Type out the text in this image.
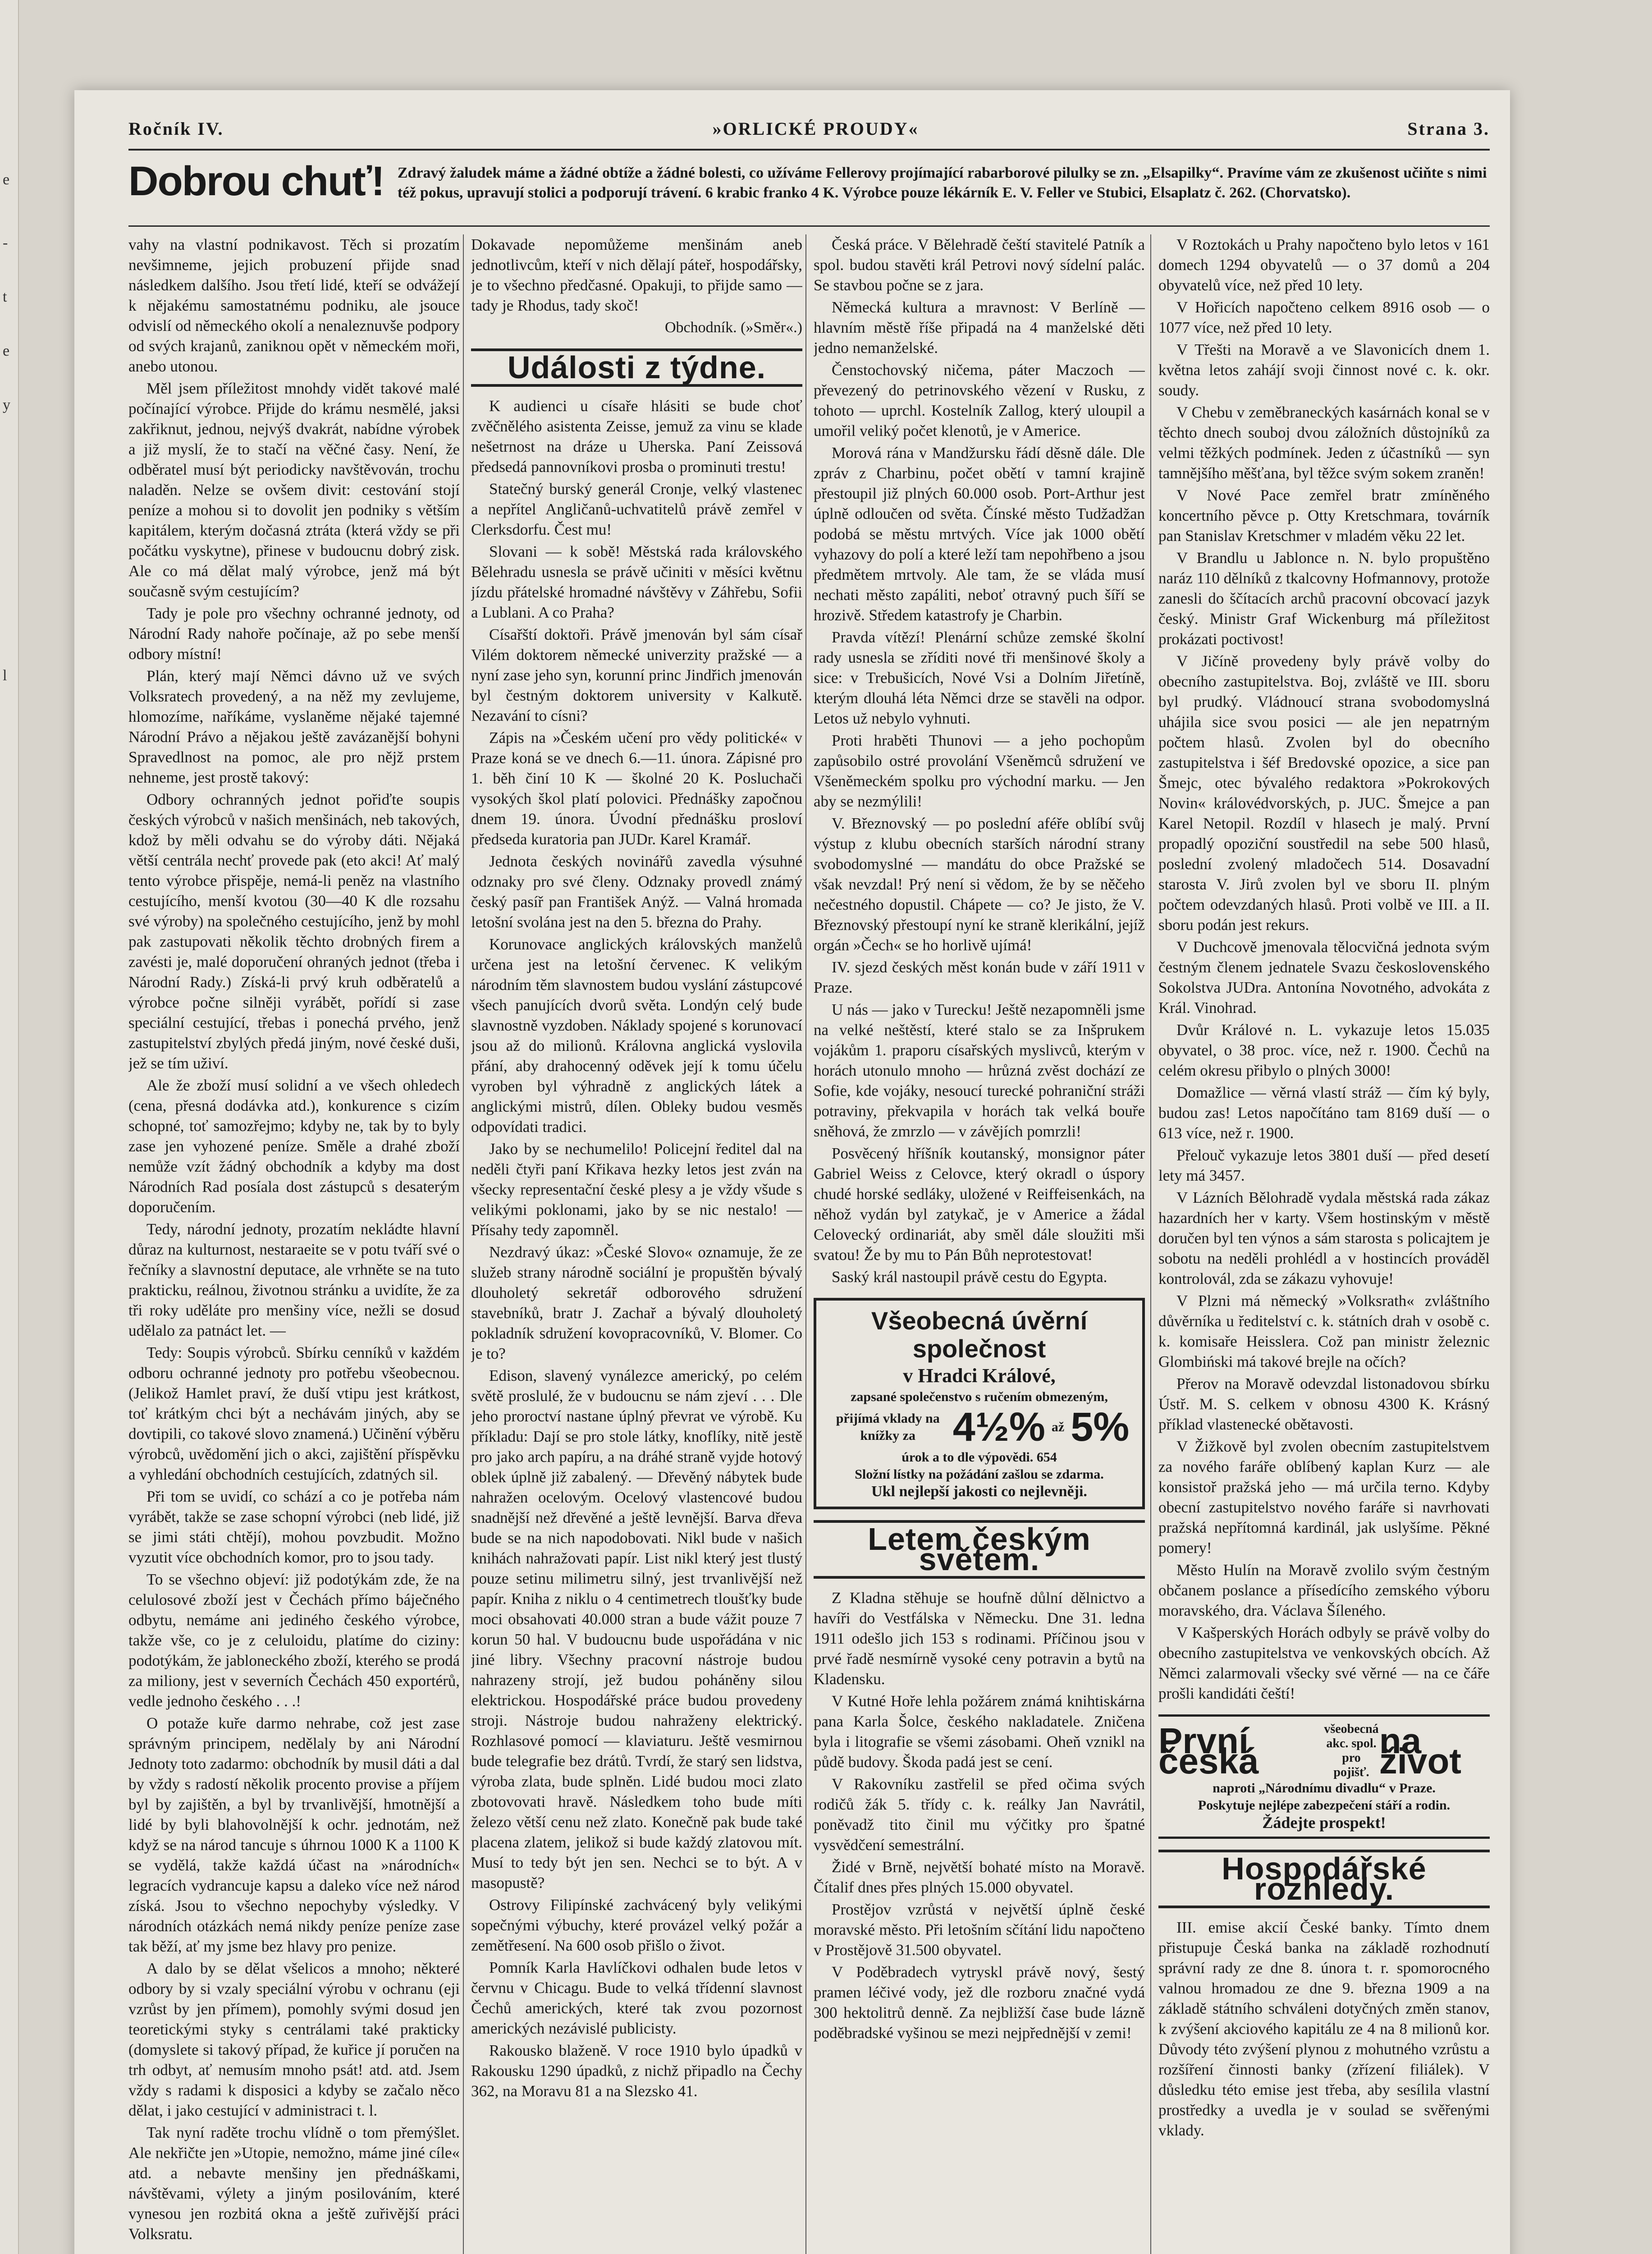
e
-
t
e
y
l
Ročník IV.	»ORLICKÉ PROUDY«	Strana 3.
Dobrou chuť! Zdravý žaludek máme a žádné obtíže a žádné bolesti, co užíváme Fellerovy projímající rabarborové pilulky se zn. „Elsapilky“. Pravíme vám ze zkušenost učiňte s nimi též pokus, upravují stolici a podporují trávení. 6 krabic franko 4 K. Výrobce pouze lékárník E. V. Feller ve Stubici, Elsaplatz č. 262. (Chorvatsko).

vahy na vlastní podnikavost. Těch si prozatím nevšimneme, jejich probuzení přijde snad následkem dalšího. Jsou třetí lidé, kteří se odvážejí k nějakému samostatnému podniku, ale jsouce odvislí od německého okolí a nenaleznuvše podpory od svých krajanů, zaniknou opět v německém moři, anebo utonou.

Měl jsem příležitost mnohdy vidět takové malé počínající výrobce. Přijde do krámu nesmělé, jaksi zakřiknut, jednou, nejvýš dvakrát, nabídne výrobek a již myslí, že to stačí na věčné časy. Není, že odběratel musí být periodicky navštěvován, trochu naladěn. Nelze se ovšem divit: cestování stojí peníze a mohou si to dovolit jen podniky s větším kapitálem, kterým dočasná ztráta (která vždy se při počátku vyskytne), přinese v budoucnu dobrý zisk. Ale co má dělat malý výrobce, jenž má být současně svým cestujícím?

Tady je pole pro všechny ochranné jednoty, od Národní Rady nahoře počínaje, až po sebe menší odbory místní!

Plán, který mají Němci dávno už ve svých Volksratech provedený, a na něž my zevlujeme, hlomozíme, naříkáme, vyslaněme nějaké tajemné Národní Právo a nějakou ještě zavázanější bohyni Spravedlnost na pomoc, ale pro nějž prstem nehneme, jest prostě takový:

Odbory ochranných jednot pořiďte soupis českých výrobců v našich menšinách, neb takových, kdož by měli odvahu se do výroby dáti. Nějaká větší centrála nechť provede pak (eto akci! Ať malý tento výrobce přispěje, nemá-li peněz na vlastního cestujícího, menší kvotou (30—40 K dle rozsahu své výroby) na společného cestujícího, jenž by mohl pak zastupovati několik těchto drobných firem a zavésti je, malé doporučení ohraných jednot (třeba i Národní Rady.) Získá-li prvý kruh odběratelů a výrobce počne silněji vyrábět, pořídí si zase speciální cestující, třebas i ponechá prvého, jenž zastupitelství zbylých předá jiným, nové české duši, jež se tím uživí.

Ale že zboží musí solidní a ve všech ohledech (cena, přesná dodávka atd.), konkurence s cizím schopné, toť samozřejmo; kdyby ne, tak by to byly zase jen vyhozené peníze. Směle a drahé zboží nemůže vzít žádný obchodník a kdyby ma dost Národních Rad posíala dost zástupců s desaterým doporučením.

Tedy, národní jednoty, prozatím nekládte hlavní důraz na kulturnost, nestaraeite se v potu tváří své o řečníky a slavnostní deputace, ale vrhněte se na tuto prakticku, reálnou, životnou stránku a uvidíte, že za tři roky uděláte pro menšiny více, nežli se dosud udělalo za patnáct let. —

Tedy: Soupis výrobců. Sbírku cenníků v každém odboru ochranné jednoty pro potřebu všeobecnou. (Jelikož Hamlet praví, že duší vtipu jest krátkost, toť krátkým chci být a nechávám jiných, aby se dovtipili, co takové slovo znamená.) Učinění výběru výrobců, uvědomění jich o akci, zajištění příspěvku a vyhledání obchodních cestujících, zdatných sil.

Při tom se uvidí, co schází a co je potřeba nám vyrábět, takže se zase schopní výrobci (neb lidé, již se jimi státi chtějí), mohou povzbudit. Možno vyzutit více obchodních komor, pro to jsou tady.

To se všechno objeví: již podotýkám zde, že na celulosové zboží jest v Čechách přímo báječného odbytu, nemáme ani jediného českého výrobce, takže vše, co je z celuloidu, platíme do ciziny: podotýkám, že jabloneckého zboží, kterého se prodá za miliony, jest v severních Čechách 450 exportérů, vedle jednoho českého . . .!

O potaže kuře darmo nehrabe, což jest zase správným principem, nedělaly by ani Národní Jednoty toto zadarmo: obchodník by musil dáti a dal by vždy s radostí několik procento provise a příjem byl by zajištěn, a byl by trvanlivější, hmotnější a lidé by byli blahovolnější k ochr. jednotám, než když se na národ tancuje s úhrnou 1000 K a 1100 K se vydělá, takže každá účast na »národních« legracích vydrancuje kapsu a daleko více než národ získá. Jsou to všechno nepochyby výsledky. V národních otázkách nemá nikdy peníze peníze zase tak běží, ať my jsme bez hlavy pro penize.

A dalo by se dělat všelicos a mnoho; některé odbory by si vzaly speciální výrobu v ochranu (eji vzrůst by jen přímem), pomohly svými dosud jen teoretickými styky s centrálami také prakticky (domyslete si takový případ, že kuřice jí poručen na trh odbyt, ať nemusím mnoho psát! atd. atd. Jsem vždy s radami k disposici a kdyby se začalo něco dělat, i jako cestující v administraci t. l.

Tak nyní raděte trochu vlídně o tom přemýšlet. Ale nekřičte jen »Utopie, nemožno, máme jiné cíle« atd. a nebavte menšiny jen přednáškami, návštěvami, výlety a jiným posilováním, které vynesou jen rozbitá okna a ještě zuřivější práci Volksratu.

Dokavade nepomůžeme menšinám aneb jednotlivcům, kteří v nich dělají páteř, hospodářsky, je to všechno předčasné. Opakuji, to přijde samo — tady je Rhodus, tady skoč!

Obchodník. (»Směr«.)
Události z týdne.

K audienci u císaře hlásiti se bude choť zvěčnělého asistenta Zeisse, jemuž za vinu se klade nešetrnost na dráze u Uherska. Paní Zeissová předsedá pannovníkovi prosba o prominuti trestu!

Statečný burský generál Cronje, velký vlastenec a nepřítel Angličanů-uchvatitelů právě zemřel v Clerksdorfu. Čest mu!

Slovani — k sobě! Městská rada královského Bělehradu usnesla se právě učiniti v měsíci květnu jízdu přátelské hromadné návštěvy v Záhřebu, Sofii a Lublani. A co Praha?

Císařští doktoři. Právě jmenován byl sám císař Vilém doktorem německé univerzity pražské — a nyní zase jeho syn, korunní princ Jindřich jmenován byl čestným doktorem university v Kalkutě. Nezavání to císni?

Zápis na »Českém učení pro vědy politické« v Praze koná se ve dnech 6.—11. února. Zápisné pro 1. běh činí 10 K — školné 20 K. Posluchači vysokých škol platí polovici. Přednášky započnou dnem 19. února. Úvodní přednášku prosloví předseda kuratoria pan JUDr. Karel Kramář.

Jednota českých novinářů zavedla výsuhné odznaky pro své členy. Odznaky provedl známý český pasíř pan František Anýž. — Valná hromada letošní svolána jest na den 5. března do Prahy.

Korunovace anglických královských manželů určena jest na letošní červenec. K velikým národním těm slavnostem budou vyslání zástupcové všech panujících dvorů světa. Londýn celý bude slavnostně vyzdoben. Náklady spojené s korunovací jsou až do milionů. Královna anglická vyslovila přání, aby drahocenný oděvek její k tomu účelu vyroben byl výhradně z anglických látek a anglickými mistrů, dílen. Obleky budou vesměs odpovídati tradici.

Jako by se nechumelilo! Policejní ředitel dal na neděli čtyři paní Křikava hezky letos jest zván na všecky representační české plesy a je vždy všude s velikými poklonami, jako by se nic nestalo! — Přísahy tedy zapomněl.

Nezdravý úkaz: »České Slovo« oznamuje, že ze služeb strany národně sociální je propuštěn bývalý dlouholetý sekretář odborového sdružení stavebníků, bratr J. Zachař a bývalý dlouholetý pokladník sdružení kovopracovníků, V. Blomer. Co je to?

Edison, slavený vynálezce americký, po celém světě proslulé, že v budoucnu se nám zjeví . . . Dle jeho proroctví nastane úplný převrat ve výrobě. Ku příkladu: Dají se pro stole látky, knoflíky, nitě jestě pro jako arch papíru, a na dráhé straně vyjde hotový oblek úplně již zabalený. — Dřevěný nábytek bude nahražen ocelovým. Ocelový vlastencové budou snadnější než dřevěné a ještě levnější. Barva dřeva bude se na nich napodobovati. Nikl bude v našich knihách nahražovati papír. List nikl který jest tlustý pouze setinu milimetru silný, jest trvanlivější než papír. Kniha z niklu o 4 centimetrech tloušťky bude moci obsahovati 40.000 stran a bude vážit pouze 7 korun 50 hal. V budoucnu bude uspořádána v nic jiné libry. Všechny pracovní nástroje budou nahrazeny strojí, jež budou poháněny silou elektrickou. Hospodářské práce budou provedeny stroji. Nástroje budou nahraženy elektrický. Rozhlasové pomocí — klaviaturu. Ještě vesmirnou bude telegrafie bez drátů. Tvrdí, že starý sen lidstva, výroba zlata, bude splněn. Lidé budou moci zlato zbotovovati hravě. Následkem toho bude míti železo větší cenu než zlato. Konečně pak bude také placena zlatem, jelikož si bude každý zlatovou mít. Musí to tedy být jen sen. Nechci se to být. A v masopustě?

Ostrovy Filipínské zachvácený byly velikými sopečnými výbuchy, které provázel velký požár a zemětřesení. Na 600 osob přišlo o život.

Pomník Karla Havlíčkovi odhalen bude letos v červnu v Chicagu. Bude to velká třídenní slavnost Čechů amerických, které tak zvou pozornost amerických nezávislé publicisty.

Rakousko blaženě. V roce 1910 bylo úpadků v Rakousku 1290 úpadků, z nichž připadlo na Čechy 362, na Moravu 81 a na Slezsko 41.

Česká práce. V Bělehradě čeští stavitelé Patník a spol. budou stavěti král Petrovi nový sídelní palác. Se stavbou počne se z jara.

Německá kultura a mravnost: V Berlíně — hlavním městě říše připadá na 4 manželské děti jedno nemanželské.

Čenstochovský ničema, páter Maczoch — převezený do petrinovského vězení v Rusku, z tohoto — uprchl. Kostelník Zallog, který uloupil a umořil veliký počet klenotů, je v Americe.

Morová rána v Mandžursku řádí děsně dále. Dle zpráv z Charbinu, počet obětí v tamní krajině přestoupil již plných 60.000 osob. Port-Arthur jest úplně odloučen od světa. Čínské město Tudžadžan podobá se městu mrtvých. Více jak 1000 obětí vyhazovy do polí a které leží tam nepohřbeno a jsou předmětem mrtvoly. Ale tam, že se vláda musí nechati město zapáliti, neboť otravný puch šíří se hrozivě. Středem katastrofy je Charbin.

Pravda vítězí! Plenární schůze zemské školní rady usnesla se zříditi nové tři menšinové školy a sice: v Trebušicích, Nové Vsi a Dolním Jiřetíně, kterým dlouhá léta Němci drze se stavěli na odpor. Letos už nebylo vyhnuti.

Proti hraběti Thunovi — a jeho pochopům zapůsobilo ostré provolání Všeněmců sdružení ve Všeněmeckém spolku pro východní marku. — Jen aby se nezmýlili!

V. Březnovský — po poslední aféře oblíbí svůj výstup z klubu obecních starších národní strany svobodomyslné — mandátu do obce Pražské se však nevzdal! Prý není si vědom, že by se něčeho nečestného dopustil. Chápete — co? Je jisto, že V. Březnovský přestoupí nyní ke straně klerikální, jejíž orgán »Čech« se ho horlivě ujímá!

IV. sjezd českých měst konán bude v září 1911 v Praze.

U nás — jako v Turecku! Ještě nezapomněli jsme na velké neštěstí, které stalo se za Inšprukem vojákům 1. praporu císařských myslivců, kterým v horách utonulo mnoho — hrůzná zvěst dochází ze Sofie, kde vojáky, nesoucí turecké pohraniční stráži potraviny, překvapila v horách tak velká bouře sněhová, že zmrzlo — v závějích pomrzli!

Posvěcený hříšník koutanský, monsignor páter Gabriel Weiss z Celovce, který okradl o úspory chudé horské sedláky, uložené v Reiffeisenkách, na něhož vydán byl zatykač, je v Americe a žádal Celovecký ordinariát, aby směl dále sloužiti mši svatou! Že by mu to Pán Bůh neprotestovat!

Saský král nastoupil právě cestu do Egypta.

Všeobecná úvěrní společnost
v Hradci Králové,
zapsané společenstvo s ručením obmezeným,
přijímá vklady na knížky za 4½% až 5%
úrok a to dle výpovědi. 654
Složní lístky na požádání zašlou se zdarma.
Ukl nejlepší jakosti co nejlevněji.
Letem českým světem.

Z Kladna stěhuje se houfně důlní dělnictvo a havíři do Vestfálska v Německu. Dne 31. ledna 1911 odešlo jich 153 s rodinami. Příčinou jsou v prvé řadě nesmírně vysoké ceny potravin a bytů na Kladensku.

V Kutné Hoře lehla požárem známá knihtiskárna pana Karla Šolce, českého nakladatele. Zničena byla i litografie se všemi zásobami. Oheň vznikl na půdě budovy. Škoda padá jest se cení.

V Rakovníku zastřelil se před očima svých rodičů žák 5. třídy c. k. reálky Jan Navrátil, poněvadž tito činil mu výčitky pro špatné vysvědčení semestrální.

Židé v Brně, největší bohaté místo na Moravě. Čítalif dnes přes plných 15.000 obyvatel.

Prostějov vzrůstá v největší úplně české moravské město. Při letošním sčítání lidu napočteno v Prostějově 31.500 obyvatel.

V Poděbradech vytryskl právě nový, šestý pramen léčivé vody, jež dle rozboru značné vydá 300 hektolitrů denně. Za nejbližší čase bude lázně poděbradské vyšinou se mezi nejpřednější v zemi!

V Roztokách u Prahy napočteno bylo letos v 161 domech 1294 obyvatelů — o 37 domů a 204 obyvatelů více, než před 10 lety.

V Hořicích napočteno celkem 8916 osob — o 1077 více, než před 10 lety.

V Třešti na Moravě a ve Slavonicích dnem 1. května letos zahájí svoji činnost nové c. k. okr. soudy.

V Chebu v zeměbraneckých kasárnách konal se v těchto dnech souboj dvou záložních důstojníků za velmi těžkých podmínek. Jeden z účastníků — syn tamnějšího měšťana, byl těžce svým sokem zraněn!

V Nové Pace zemřel bratr zmíněného koncertního pěvce p. Otty Kretschmara, továrník pan Stanislav Kretschmer v mladém věku 22 let.

V Brandlu u Jablonce n. N. bylo propuštěno naráz 110 dělníků z tkalcovny Hofmannovy, protože zanesli do ščítacích archů pracovní obcovací jazyk český. Ministr Graf Wickenburg má příležitost prokázati poctivost!

V Jičíně provedeny byly právě volby do obecního zastupitelstva. Boj, zvláště ve III. sboru byl prudký. Vládnoucí strana svobodomyslná uhájila sice svou posici — ale jen nepatrným počtem hlasů. Zvolen byl do obecního zastupitelstva i šéf Bredovské opozice, a sice pan Šmejc, otec bývalého redaktora »Pokrokových Novin« královédvorských, p. JUC. Šmejce a pan Karel Netopil. Rozdíl v hlasech je malý. První propadlý opoziční soustředil na sebe 500 hlasů, poslední zvolený mladočech 514. Dosavadní starosta V. Jirů zvolen byl ve sboru II. plným počtem odevzdaných hlasů. Proti volbě ve III. a II. sboru podán jest rekurs.

V Duchcově jmenovala tělocvičná jednota svým čestným členem jednatele Svazu československého Sokolstva JUDra. Antonína Novotného, advokáta z Král. Vinohrad.

Dvůr Králové n. L. vykazuje letos 15.035 obyvatel, o 38 proc. více, než r. 1900. Čechů na celém okresu přibylo o plných 3000!

Domažlice — věrná vlastí stráž — čím ký byly, budou zas! Letos napočítáno tam 8169 duší — o 613 více, než r. 1900.

Přelouč vykazuje letos 3801 duší — před desetí lety má 3457.

V Lázních Bělohradě vydala městská rada zákaz hazardních her v karty. Všem hostinským v městě doručen byl ten výnos a sám starosta s policajtem je sobotu na neděli prohlédl a v hostincích prováděl kontrolovál, zda se zákazu vyhovuje!

V Plzni má německý »Volksrath« zvláštního důvěrníka u ředitelství c. k. státních drah v osobě c. k. komisaře Heisslera. Což pan ministr železnic Glombiński má takové brejle na očích?

Přerov na Moravě odevzdal listonadovou sbírku Ústř. M. S. celkem v obnosu 4300 K. Krásný příklad vlastenecké obětavosti.

V Žižkově byl zvolen obecním zastupitelstvem za nového faráře oblíbený kaplan Kurz — ale konsistoř pražská jeho — má určila terno. Kdyby obecní zastupitelstvo nového faráře si navrhovati pražská nepřítomná kardinál, jak uslyšíme. Pěkné pomery!

Město Hulín na Moravě zvolilo svým čestným občanem poslance a přísedícího zemského výboru moravského, dra. Václava Šíleného.

V Kašperských Horách odbyly se právě volby do obecního zastupitelstva ve venkovských obcích. Až Němci zalarmovali všecky své věrné — na ce čáře prošli kandidáti čeští!

První česká
všeobecná akc. spol. pro pojišť.
na život
naproti „Národnímu divadlu“ v Praze.
Poskytuje nejlépe zabezpečení stáří a rodin.
Žádejte prospekt!
Hospodářské rozhledy.

III. emise akcií České banky. Tímto dnem přistupuje Česká banka na základě rozhodnutí správní rady ze dne 8. února t. r. spomorocného valnou hromadou ze dne 9. března 1909 a na základě státního schváleni dotyčných změn stanov, k zvýšení akciového kapitálu ze 4 na 8 milionů kor. Důvody této zvýšení plynou z mohutného vzrůstu a rozšíření činnosti banky (zřízení filiálek). V důsledku této emise jest třeba, aby sesílila vlastní prostředky a uvedla je v soulad se svěřenými vklady.
